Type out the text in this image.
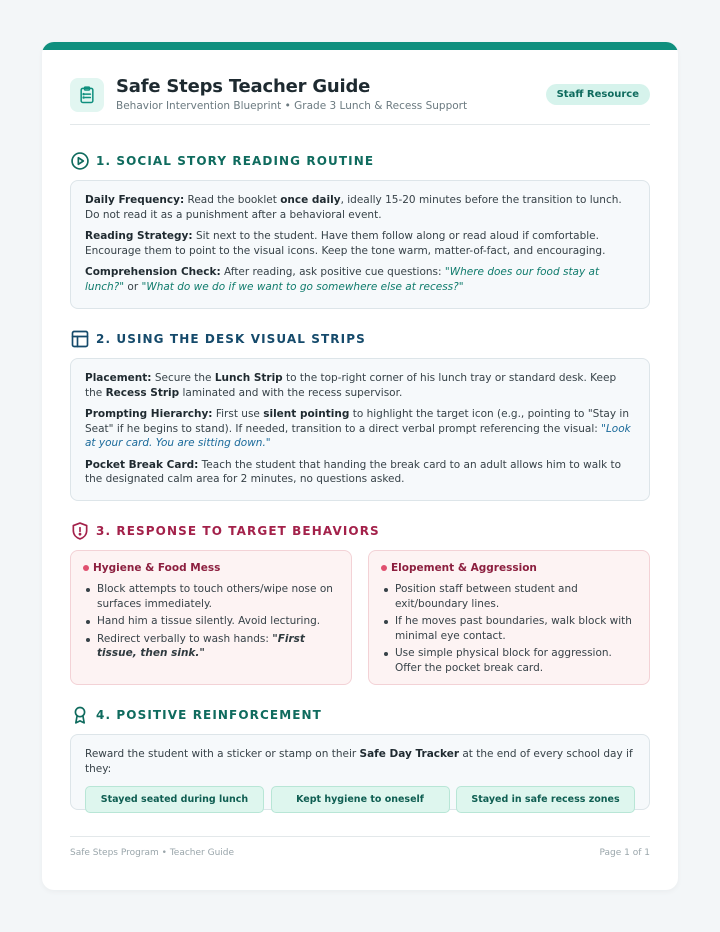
Safe Steps Teacher Guide
Behavior Intervention Blueprint • Grade 3 Lunch & Recess Support
Staff Resource
1. SOCIAL STORY READING ROUTINE
Daily Frequency: Read the booklet once daily, ideally 15-20 minutes before the transition to lunch. Do not read it as a punishment after a behavioral event.
Reading Strategy: Sit next to the student. Have them follow along or read aloud if comfortable. Encourage them to point to the visual icons. Keep the tone warm, matter-of-fact, and encouraging.
Comprehension Check: After reading, ask positive cue questions: "Where does our food stay at lunch?" or "What do we do if we want to go somewhere else at recess?"
2. USING THE DESK VISUAL STRIPS
Placement: Secure the Lunch Strip to the top-right corner of his lunch tray or standard desk. Keep the Recess Strip laminated and with the recess supervisor.
Prompting Hierarchy: First use silent pointing to highlight the target icon (e.g., pointing to "Stay in Seat" if he begins to stand). If needed, transition to a direct verbal prompt referencing the visual: "Look at your card. You are sitting down."
Pocket Break Card: Teach the student that handing the break card to an adult allows him to walk to the designated calm area for 2 minutes, no questions asked.
3. RESPONSE TO TARGET BEHAVIORS
Hygiene & Food Mess
Block attempts to touch others/wipe nose on surfaces immediately.
Hand him a tissue silently. Avoid lecturing.
Redirect verbally to wash hands: "First tissue, then sink."
Elopement & Aggression
Position staff between student and exit/boundary lines.
If he moves past boundaries, walk block with minimal eye contact.
Use simple physical block for aggression. Offer the pocket break card.
4. POSITIVE REINFORCEMENT
Reward the student with a sticker or stamp on their Safe Day Tracker at the end of every school day if they:
Stayed seated during lunch	Kept hygiene to oneself	Stayed in safe recess zones
Safe Steps Program • Teacher Guide	Page 1 of 1
